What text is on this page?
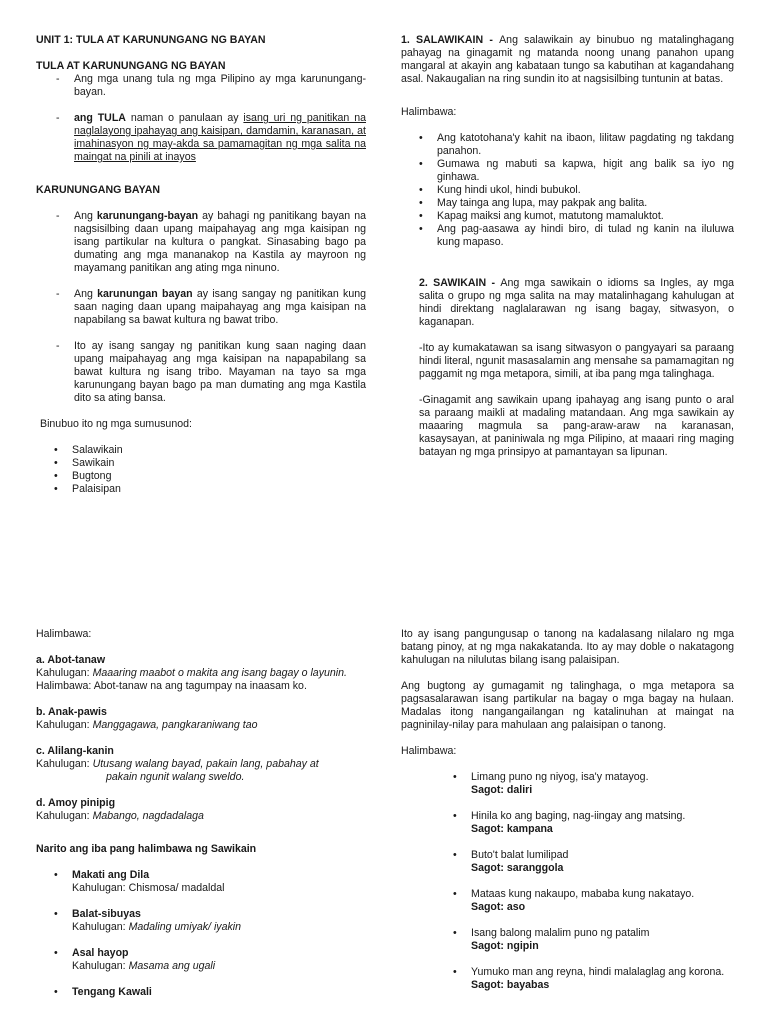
UNIT 1: TULA AT KARUNUNGANG NG BAYAN

TULA AT KARUNUNGANG NG BAYAN

- Ang mga unang tula ng mga Pilipino ay mga karunungang-bayan.
- ang TULA naman o panulaan ay isang uri ng panitikan na naglalayong ipahayag ang kaisipan, damdamin, karanasan, at imahinasyon ng may-akda sa pamamagitan ng mga salita na maingat na pinili at inayos

KARUNUNGANG BAYAN

- Ang karunungang-bayan ay bahagi ng panitikang bayan na nagsisilbing daan upang maipahayag ang mga kaisipan ng isang partikular na kultura o pangkat. Sinasabing bago pa dumating ang mga mananakop na Kastila ay mayroon ng mayamang panitikan ang ating mga ninuno.
- Ang karunungan bayan ay isang sangay ng panitikan kung saan naging daan upang maipahayag ang mga kaisipan na napabilang sa bawat kultura ng bawat tribo.
- Ito ay isang sangay ng panitikan kung saan naging daan upang maipahayag ang mga kaisipan na napapabilang sa bawat kultura ng isang tribo. Mayaman na tayo sa mga karunungang bayan bago pa man dumating ang mga Kastila dito sa ating bansa.

Binubuo ito ng mga sumusunod:

• Salawikain
• Sawikain
• Bugtong
• Palaisipan

1. SALAWIKAIN - Ang salawikain ay binubuo ng matalinghagang pahayag na ginagamit ng matanda noong unang panahon upang mangaral at akayin ang kabataan tungo sa kabutihan at kagandahang asal. Nakaugalian na ring sundin ito at nagsisilbing tuntunin at batas.

Halimbawa:

• Ang katotohana'y kahit na ibaon, lilitaw pagdating ng takdang panahon.
• Gumawa ng mabuti sa kapwa, higit ang balik sa iyo ng ginhawa.
• Kung hindi ukol, hindi bubukol.
• May tainga ang lupa, may pakpak ang balita.
• Kapag maiksi ang kumot, matutong mamaluktot.
• Ang pag-aasawa ay hindi biro, di tulad ng kanin na iluluwa kung mapaso.

2. SAWIKAIN - Ang mga sawikain o idioms sa Ingles, ay mga salita o grupo ng mga salita na may matalinhagang kahulugan at hindi direktang naglalarawan ng isang bagay, sitwasyon, o kaganapan.

-Ito ay kumakatawan sa isang sitwasyon o pangyayari sa paraang hindi literal, ngunit masasalamin ang mensahe sa pamamagitan ng paggamit ng mga metapora, simili, at iba pang mga talinghaga.

-Ginagamit ang sawikain upang ipahayag ang isang punto o aral sa paraang maikli at madaling matandaan. Ang mga sawikain ay maaaring magmula sa pang-araw-araw na karanasan, kasaysayan, at paniniwala ng mga Pilipino, at maaari ring maging batayan ng mga prinsipyo at pamantayan sa lipunan.

Halimbawa:

a. Abot-tanaw

Kahulugan: Maaaring maabot o makita ang isang bagay o layunin.

Halimbawa: Abot-tanaw na ang tagumpay na inaasam ko.

b. Anak-pawis

Kahulugan: Manggagawa, pangkaraniwang tao

c. Alilang-kanin

Kahulugan: Utusang walang bayad, pakain lang, pabahay at
pakain ngunit walang sweldo.

d. Amoy pinipig

Kahulugan: Mabango, nagdadalaga

Narito ang iba pang halimbawa ng Sawikain

• Makati ang Dila
Kahulugan: Chismosa/ madaldal
• Balat-sibuyas
Kahulugan: Madaling umiyak/ iyakin
• Asal hayop
Kahulugan: Masama ang ugali
• Tengang Kawali

Ito ay isang pangungusap o tanong na kadalasang nilalaro ng mga batang pinoy, at ng mga nakakatanda. Ito ay may doble o nakatagong kahulugan na nilulutas bilang isang palaisipan.

Ang bugtong ay gumagamit ng talinghaga, o mga metapora sa pagsasalarawan isang partikular na bagay o mga bagay na hulaan. Madalas itong nangangailangan ng katalinuhan at maingat na pagninilay-nilay para mahulaan ang palaisipan o tanong.

Halimbawa:

• Limang puno ng niyog, isa'y matayog.
Sagot: daliri
• Hinila ko ang baging, nag-iingay ang matsing.
Sagot: kampana
• Buto't balat lumilipad
Sagot: saranggola
• Mataas kung nakaupo, mababa kung nakatayo.
Sagot: aso
• Isang balong malalim puno ng patalim
Sagot: ngipin
• Yumuko man ang reyna, hindi malalaglag ang korona.
Sagot: bayabas
